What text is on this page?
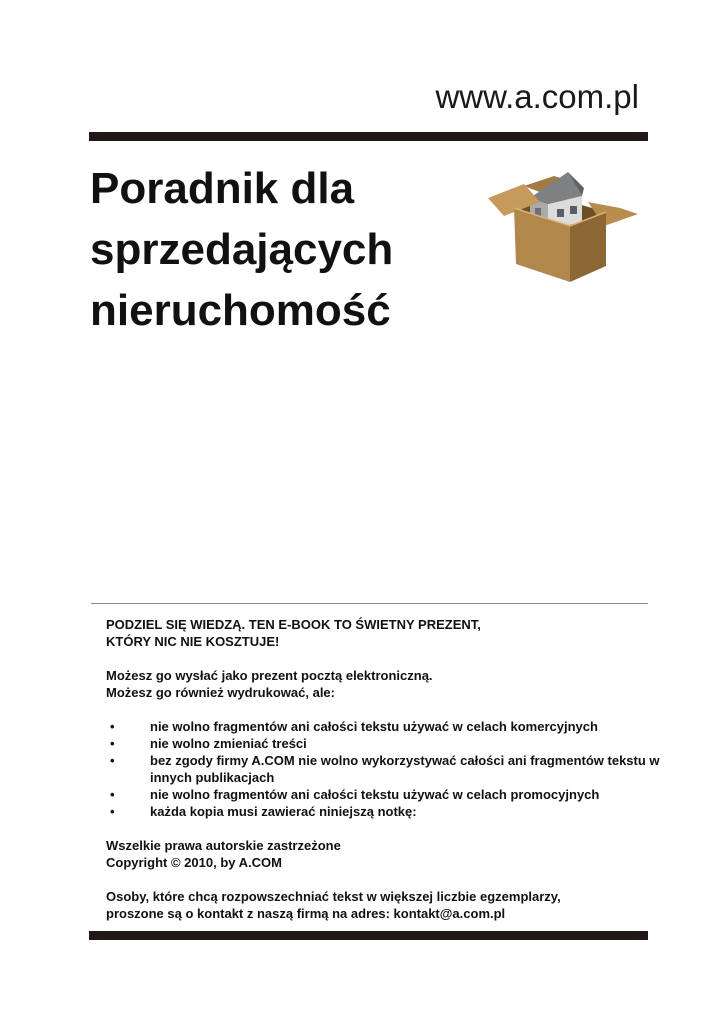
www.a.com.pl
Poradnik dla
sprzedających
nieruchomość

PODZIEL SIĘ WIEDZĄ. TEN E-BOOK TO ŚWIETNY PREZENT,

KTÓRY NIC NIE KOSZTUJE!

Możesz go wysłać jako prezent pocztą elektroniczną.

Możesz go również wydrukować, ale:

•	nie wolno fragmentów ani całości tekstu używać w celach komercyjnych
•	nie wolno zmieniać treści
•	bez zgody firmy A.COM nie wolno wykorzystywać całości ani fragmentów tekstu w innych publikacjach
•	nie wolno fragmentów ani całości tekstu używać w celach promocyjnych
•	każda kopia musi zawierać niniejszą notkę:

Wszelkie prawa autorskie zastrzeżone

Copyright © 2010, by A.COM

Osoby, które chcą rozpowszechniać tekst w większej liczbie egzemplarzy,

proszone są o kontakt z naszą firmą na adres: kontakt@a.com.pl
